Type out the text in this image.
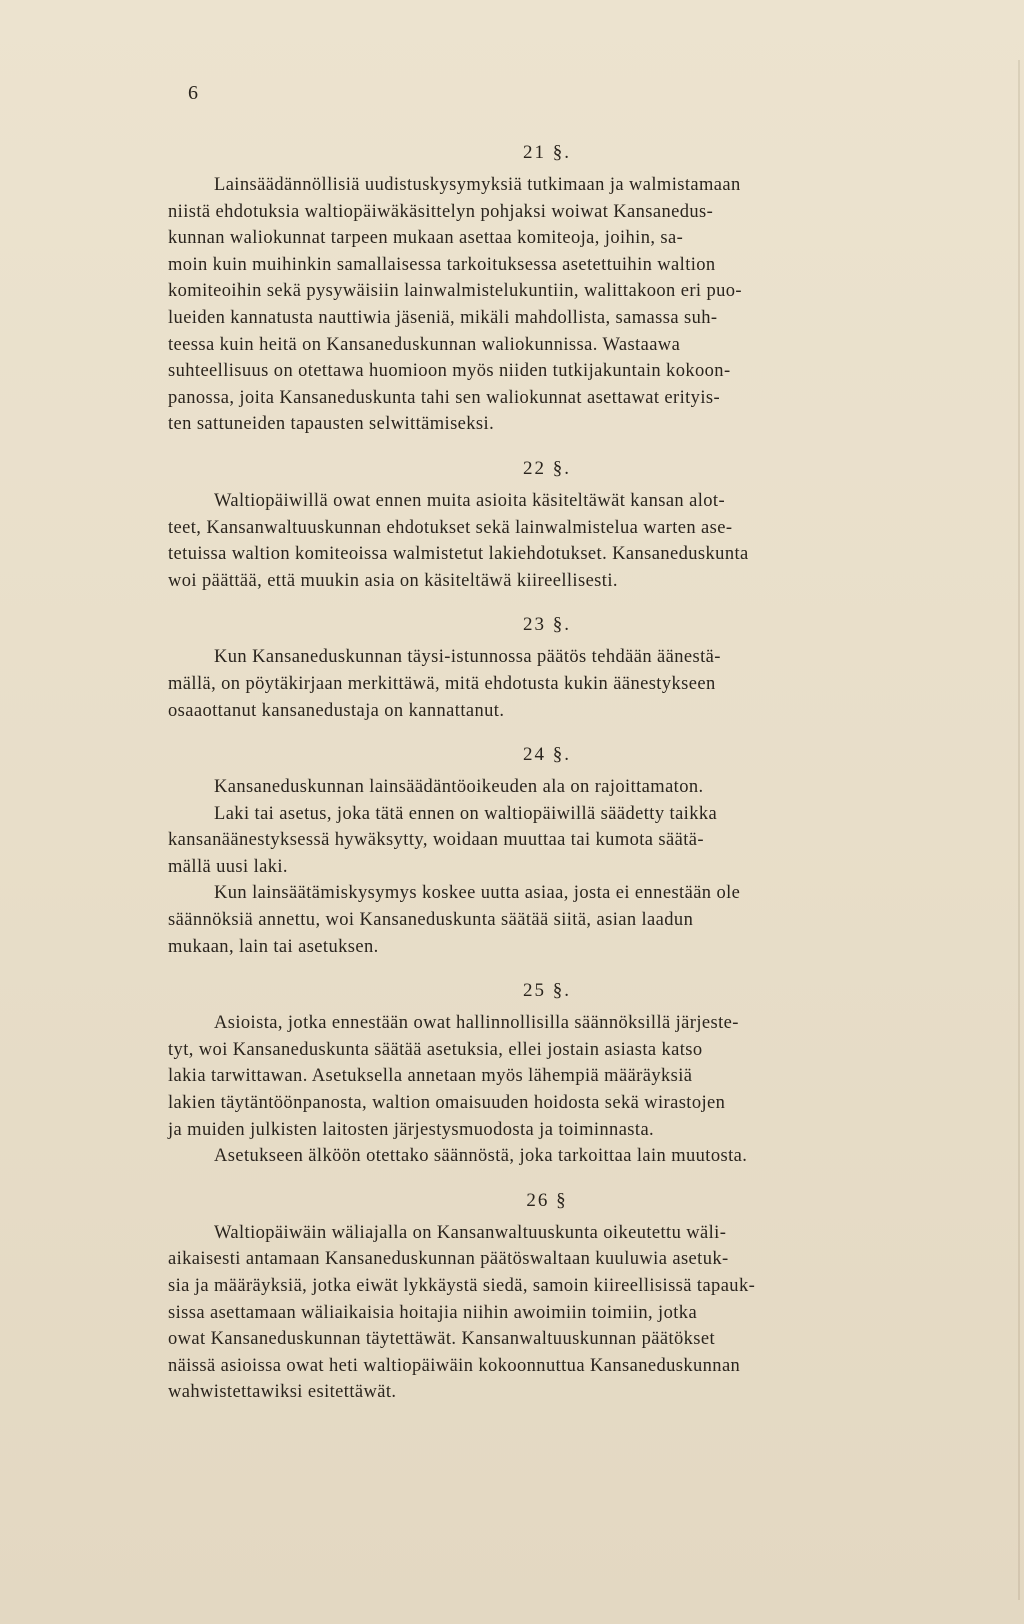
6
21 §.
Lainsäädännöllisiä uudistuskysymyksiä tutkimaan ja walmistamaan
niistä ehdotuksia waltiopäiwäkäsittelyn pohjaksi woiwat Kansanedus-
kunnan waliokunnat tarpeen mukaan asettaa komiteoja, joihin, sa-
moin kuin muihinkin samallaisessa tarkoituksessa asetettuihin waltion
komiteoihin sekä pysywäisiin lainwalmistelukuntiin, walittakoon eri puo-
lueiden kannatusta nauttiwia jäseniä, mikäli mahdollista, samassa suh-
teessa kuin heitä on Kansaneduskunnan waliokunnissa. Wastaawa
suhteellisuus on otettawa huomioon myös niiden tutkijakuntain kokoon-
panossa, joita Kansaneduskunta tahi sen waliokunnat asettawat erityis-
ten sattuneiden tapausten selwittämiseksi.
22 §.
Waltiopäiwillä owat ennen muita asioita käsiteltäwät kansan alot-
teet, Kansanwaltuuskunnan ehdotukset sekä lainwalmistelua warten ase-
tetuissa waltion komiteoissa walmistetut lakiehdotukset. Kansaneduskunta
woi päättää, että muukin asia on käsiteltäwä kiireellisesti.
23 §.
Kun Kansaneduskunnan täysi-istunnossa päätös tehdään äänestä-
mällä, on pöytäkirjaan merkittäwä, mitä ehdotusta kukin äänestykseen
osaaottanut kansanedustaja on kannattanut.
24 §.
Kansaneduskunnan lainsäädäntöoikeuden ala on rajoittamaton.
Laki tai asetus, joka tätä ennen on waltiopäiwillä säädetty taikka
kansanäänestyksessä hywäksytty, woidaan muuttaa tai kumota säätä-
mällä uusi laki.
Kun lainsäätämiskysymys koskee uutta asiaa, josta ei ennestään ole
säännöksiä annettu, woi Kansaneduskunta säätää siitä, asian laadun
mukaan, lain tai asetuksen.
25 §.
Asioista, jotka ennestään owat hallinnollisilla säännöksillä järjeste-
tyt, woi Kansaneduskunta säätää asetuksia, ellei jostain asiasta katso
lakia tarwittawan. Asetuksella annetaan myös lähempiä määräyksiä
lakien täytäntöönpanosta, waltion omaisuuden hoidosta sekä wirastojen
ja muiden julkisten laitosten järjestysmuodosta ja toiminnasta.
Asetukseen älköön otettako säännöstä, joka tarkoittaa lain muutosta.
26 §
Waltiopäiwäin wäliajalla on Kansanwaltuuskunta oikeutettu wäli-
aikaisesti antamaan Kansaneduskunnan päätöswaltaan kuuluwia asetuk-
sia ja määräyksiä, jotka eiwät lykkäystä siedä, samoin kiireellisissä tapauk-
sissa asettamaan wäliaikaisia hoitajia niihin awoimiin toimiin, jotka
owat Kansaneduskunnan täytettäwät. Kansanwaltuuskunnan päätökset
näissä asioissa owat heti waltiopäiwäin kokoonnuttua Kansaneduskunnan
wahwistettawiksi esitettäwät.
